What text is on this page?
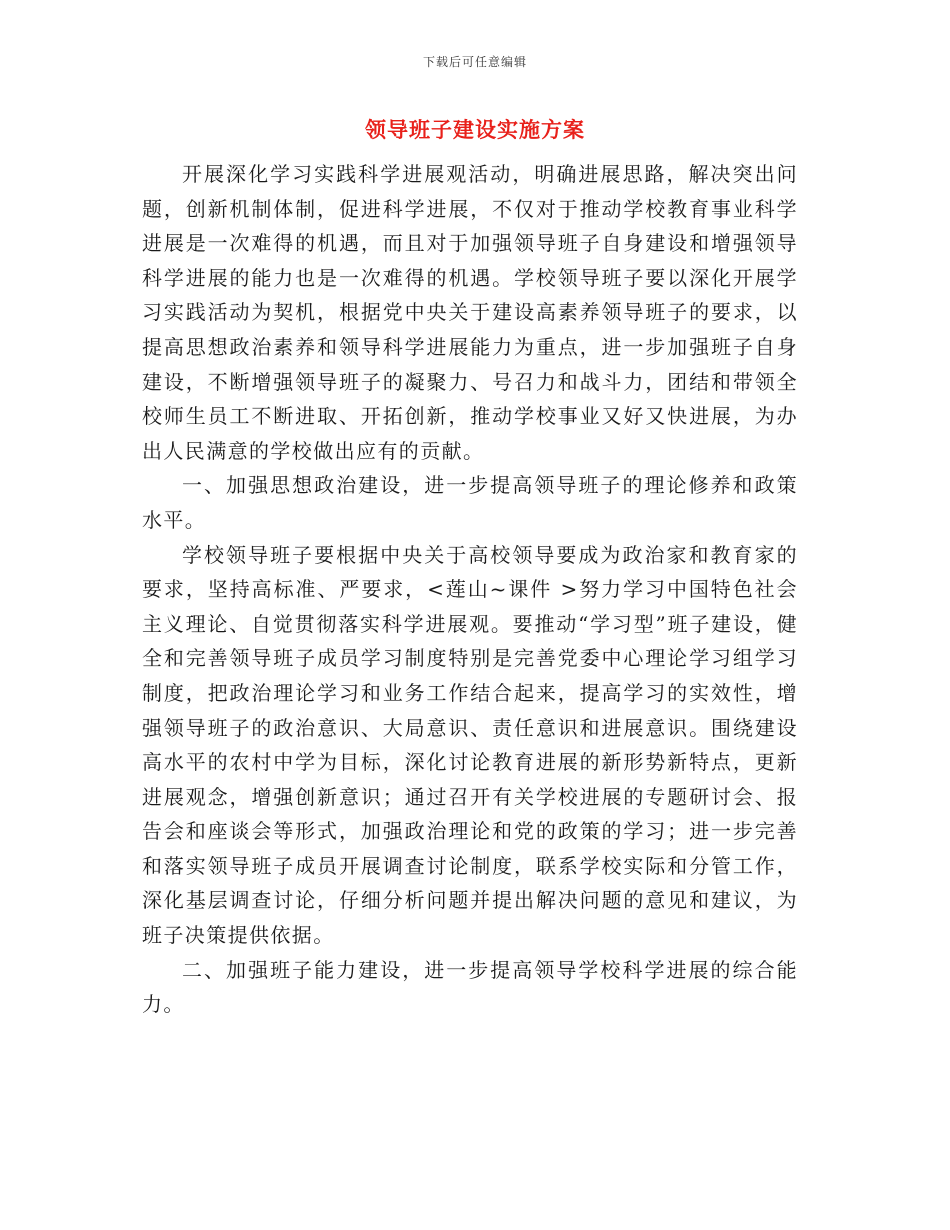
下载后可任意编辑
领导班子建设实施方案

开展深化学习实践科学进展观活动，明确进展思路，解决突出问题，创新机制体制，促进科学进展，不仅对于推动学校教育事业科学进展是一次难得的机遇，而且对于加强领导班子自身建设和增强领导科学进展的能力也是一次难得的机遇。学校领导班子要以深化开展学习实践活动为契机，根据党中央关于建设高素养领导班子的要求，以提高思想政治素养和领导科学进展能力为重点，进一步加强班子自身建设，不断增强领导班子的凝聚力、号召力和战斗力，团结和带领全校师生员工不断进取、开拓创新，推动学校事业又好又快进展，为办出人民满意的学校做出应有的贡献。

一、加强思想政治建设，进一步提高领导班子的理论修养和政策水平。

学校领导班子要根据中央关于高校领导要成为政治家和教育家的要求，坚持高标准、严要求，<莲山~课件 >努力学习中国特色社会主义理论、自觉贯彻落实科学进展观。要推动“学习型”班子建设，健全和完善领导班子成员学习制度特别是完善党委中心理论学习组学习制度，把政治理论学习和业务工作结合起来，提高学习的实效性，增强领导班子的政治意识、大局意识、责任意识和进展意识。围绕建设高水平的农村中学为目标，深化讨论教育进展的新形势新特点，更新进展观念，增强创新意识；通过召开有关学校进展的专题研讨会、报告会和座谈会等形式，加强政治理论和党的政策的学习；进一步完善和落实领导班子成员开展调查讨论制度，联系学校实际和分管工作，深化基层调查讨论，仔细分析问题并提出解决问题的意见和建议，为班子决策提供依据。

二、加强班子能力建设，进一步提高领导学校科学进展的综合能力。
